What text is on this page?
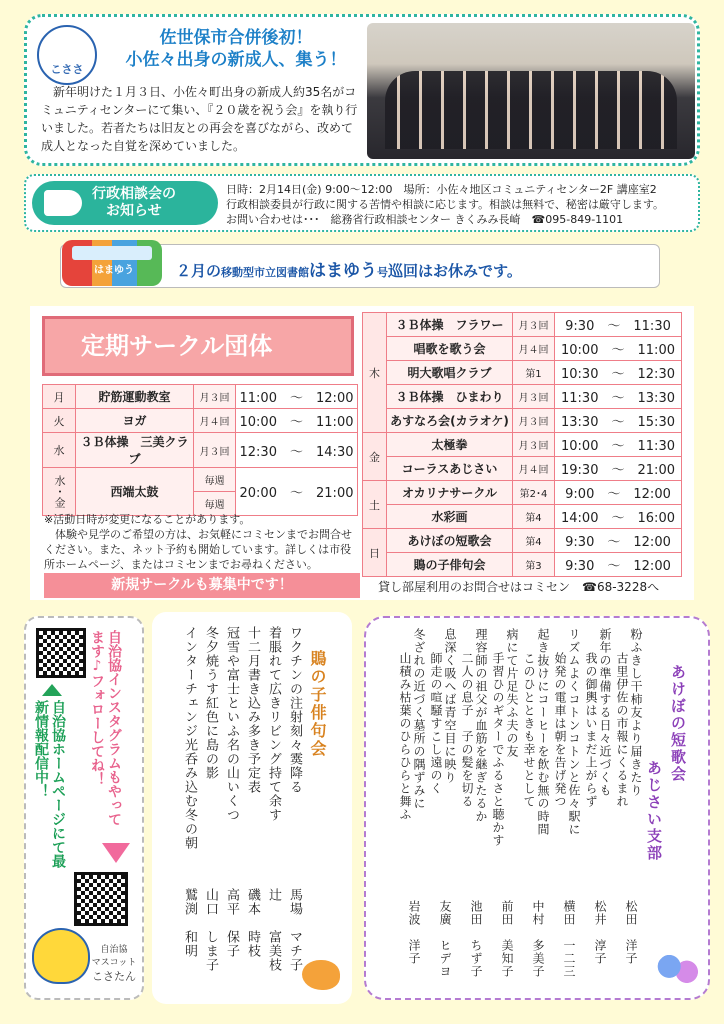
こささ
佐世保市合併後初！
小佐々出身の新成人、集う！
　新年明けた１月３日、小佐々町出身の新成人約35名がコミュニティセンターにて集い、『２０歳を祝う会』を執り行いました。若者たちは旧友との再会を喜びながら、改めて成人となった自覚を深めていました。
行政相談会の
お知らせ
日時：2月14日(金) 9:00～12:00　場所：小佐々地区コミュニティセンター2F 講座室2
行政相談委員が行政に関する苦情や相談に応じます。相談は無料で、秘密は厳守します。
お問い合わせは･･･　総務省行政相談センター きくみみ長崎　☎095-849-1101
はまゆう	２月の移動型市立図書館はまゆう号巡回はお休みです。
定期サークル団体
月	貯筋運動教室	月３回	11:00　 ～　 12:00
火	ヨガ	月４回	10:00　 ～　 11:00
水	３Ｂ体操　三美クラブ	月３回	12:30　 ～　 14:30
水・金	西端太鼓	毎週	20:00　 ～　 21:00
		毎週	
木	３Ｂ体操　フラワー	月３回	9:30　 ～　 11:30
	唱歌を歌う会	月４回	10:00　 ～　 11:00
	明大歌唱クラブ	第1	10:30　 ～　 12:30
	３Ｂ体操　ひまわり	月３回	11:30　 ～　 13:30
	あすなろ会(カラオケ)	月３回	13:30　 ～　 15:30
金	太極拳	月３回	10:00　 ～　 11:30
	コーラスあじさい	月４回	19:30　 ～　 21:00
土	オカリナサークル	第2･4	9:00　 ～　 12:00
	水彩画	第4	14:00　 ～　 16:00
日	あけぼの短歌会	第4	9:30　 ～　 12:00
	鵙の子俳句会	第3	9:30　 ～　 12:00
※活動日時が変更になることがあります。
　体験や見学のご希望の方は、お気軽にコミセンまでお問合せください。また、ネット予約も開始しています。詳しくは市役所ホームページ、またはコミセンまでお尋ねください。
新規サークルも募集中です！	貸し部屋利用のお問合せはコミセン　☎68-3228へ
自治協インスタグラムもやってます♪フォローしてね！
自治協ホームページにて最新情報配信中！
自治協
マスコット
こさたん
ワクチンの注射刻々霙降る
馬場　マチ子
着脹れて広きリビング持て余す
辻　　富美枝
十二月書き込み多き予定表
磯本　時枝
冠雪や富士といふ名の山いくつ
高平　保子
冬夕焼うす紅色に島の影
山口　しま子
インターチェンジ光呑み込む冬の朝
鷲渕　和明
鵙の子俳句会	粉ふきし干柿友より届きたり
古里伊佐の市報にくるまれ
松田　洋子
新年の準備する日々近づくも
我の御輿はいまだ上がらず
松井　淳子
リズムよくコトンコトンと佐々駅に
始発の電車は朝を告げ発つ
横田　一二三
起き抜けにコーヒーを飲む無の時間
このひとときも幸せとして
中村　多美子
病にて片足失ふ夫の友
手習ひのギターでふるさと聴かす
前田　美知子
理容師の祖父が血筋を継ぎたるか
二人の息子　子の髪を切る
池田　ちず子
息深く吸へば青空目に映り
師走の喧騒すこし遠のく
友廣　ヒデヨ
冬ざれの近づく墓所の隅ずみに
山積み枯葉のひらひらと舞ふ
岩波　洋子
あけぼの短歌会
あじさい支部
